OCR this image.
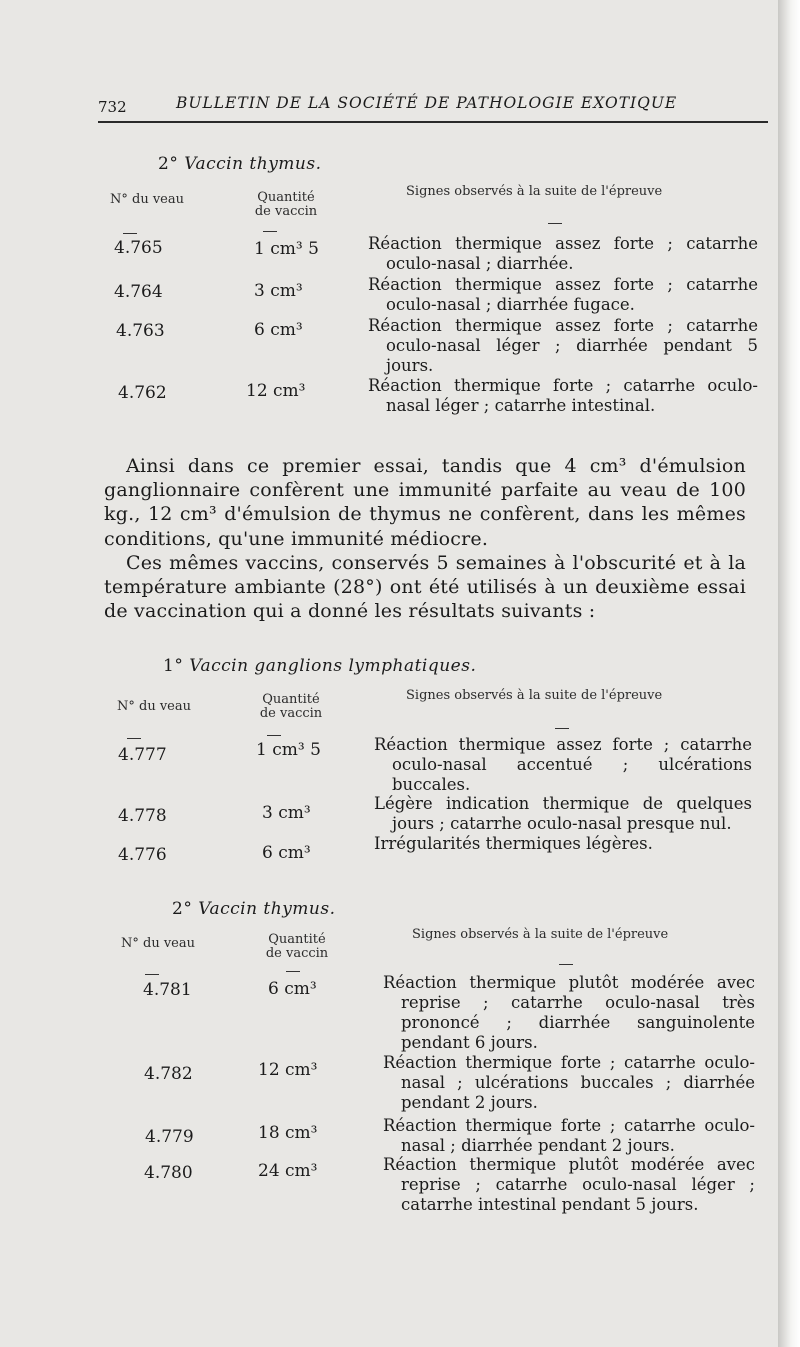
732	BULLETIN DE LA SOCIÉTÉ DE PATHOLOGIE EXOTIQUE
2° Vaccin thymus.
N° du veau	Quantité
de vaccin
Signes observés à la suite de l'épreuve
4.765	1 cm³ 5	Réaction thermique assez forte ; catarrhe oculo-nasal ; diarrhée.

4.764	3 cm³	Réaction thermique assez forte ; catarrhe oculo-nasal ; diarrhée fugace.

4.763	6 cm³	Réaction thermique assez forte ; catarrhe oculo-nasal léger ; diarrhée pendant 5 jours.

4.762	12 cm³	Réaction thermique forte ; catarrhe oculo-nasal léger ; catarrhe intestinal.

Ainsi dans ce premier essai, tandis que 4 cm³ d'émulsion ganglionnaire confèrent une immunité parfaite au veau de 100 kg., 12 cm³ d'émulsion de thymus ne confèrent, dans les mêmes conditions, qu'une immunité médiocre.

Ces mêmes vaccins, conservés 5 semaines à l'obscurité et à la température ambiante (28°) ont été utilisés à un deuxième essai de vaccination qui a donné les résultats suivants :

1° Vaccin ganglions lymphatiques.
N° du veau	Quantité
de vaccin
Signes observés à la suite de l'épreuve
4.777	1 cm³ 5	Réaction thermique assez forte ; catarrhe oculo-nasal accentué ; ulcérations buccales.

4.778	3 cm³	Légère indication thermique de quelques jours ; catarrhe oculo-nasal presque nul.

4.776	6 cm³	Irrégularités thermiques légères.

2° Vaccin thymus.
N° du veau	Quantité
de vaccin
Signes observés à la suite de l'épreuve
4.781	6 cm³	Réaction thermique plutôt modérée avec reprise ; catarrhe oculo-nasal très prononcé ; diarrhée sanguinolente pendant 6 jours.

4.782	12 cm³	Réaction thermique forte ; catarrhe oculo-nasal ; ulcérations buccales ; diarrhée pendant 2 jours.

4.779	18 cm³	Réaction thermique forte ; catarrhe oculo-nasal ; diarrhée pendant 2 jours.

4.780	24 cm³	Réaction thermique plutôt modérée avec reprise ; catarrhe oculo-nasal léger ; catarrhe intestinal pendant 5 jours.
